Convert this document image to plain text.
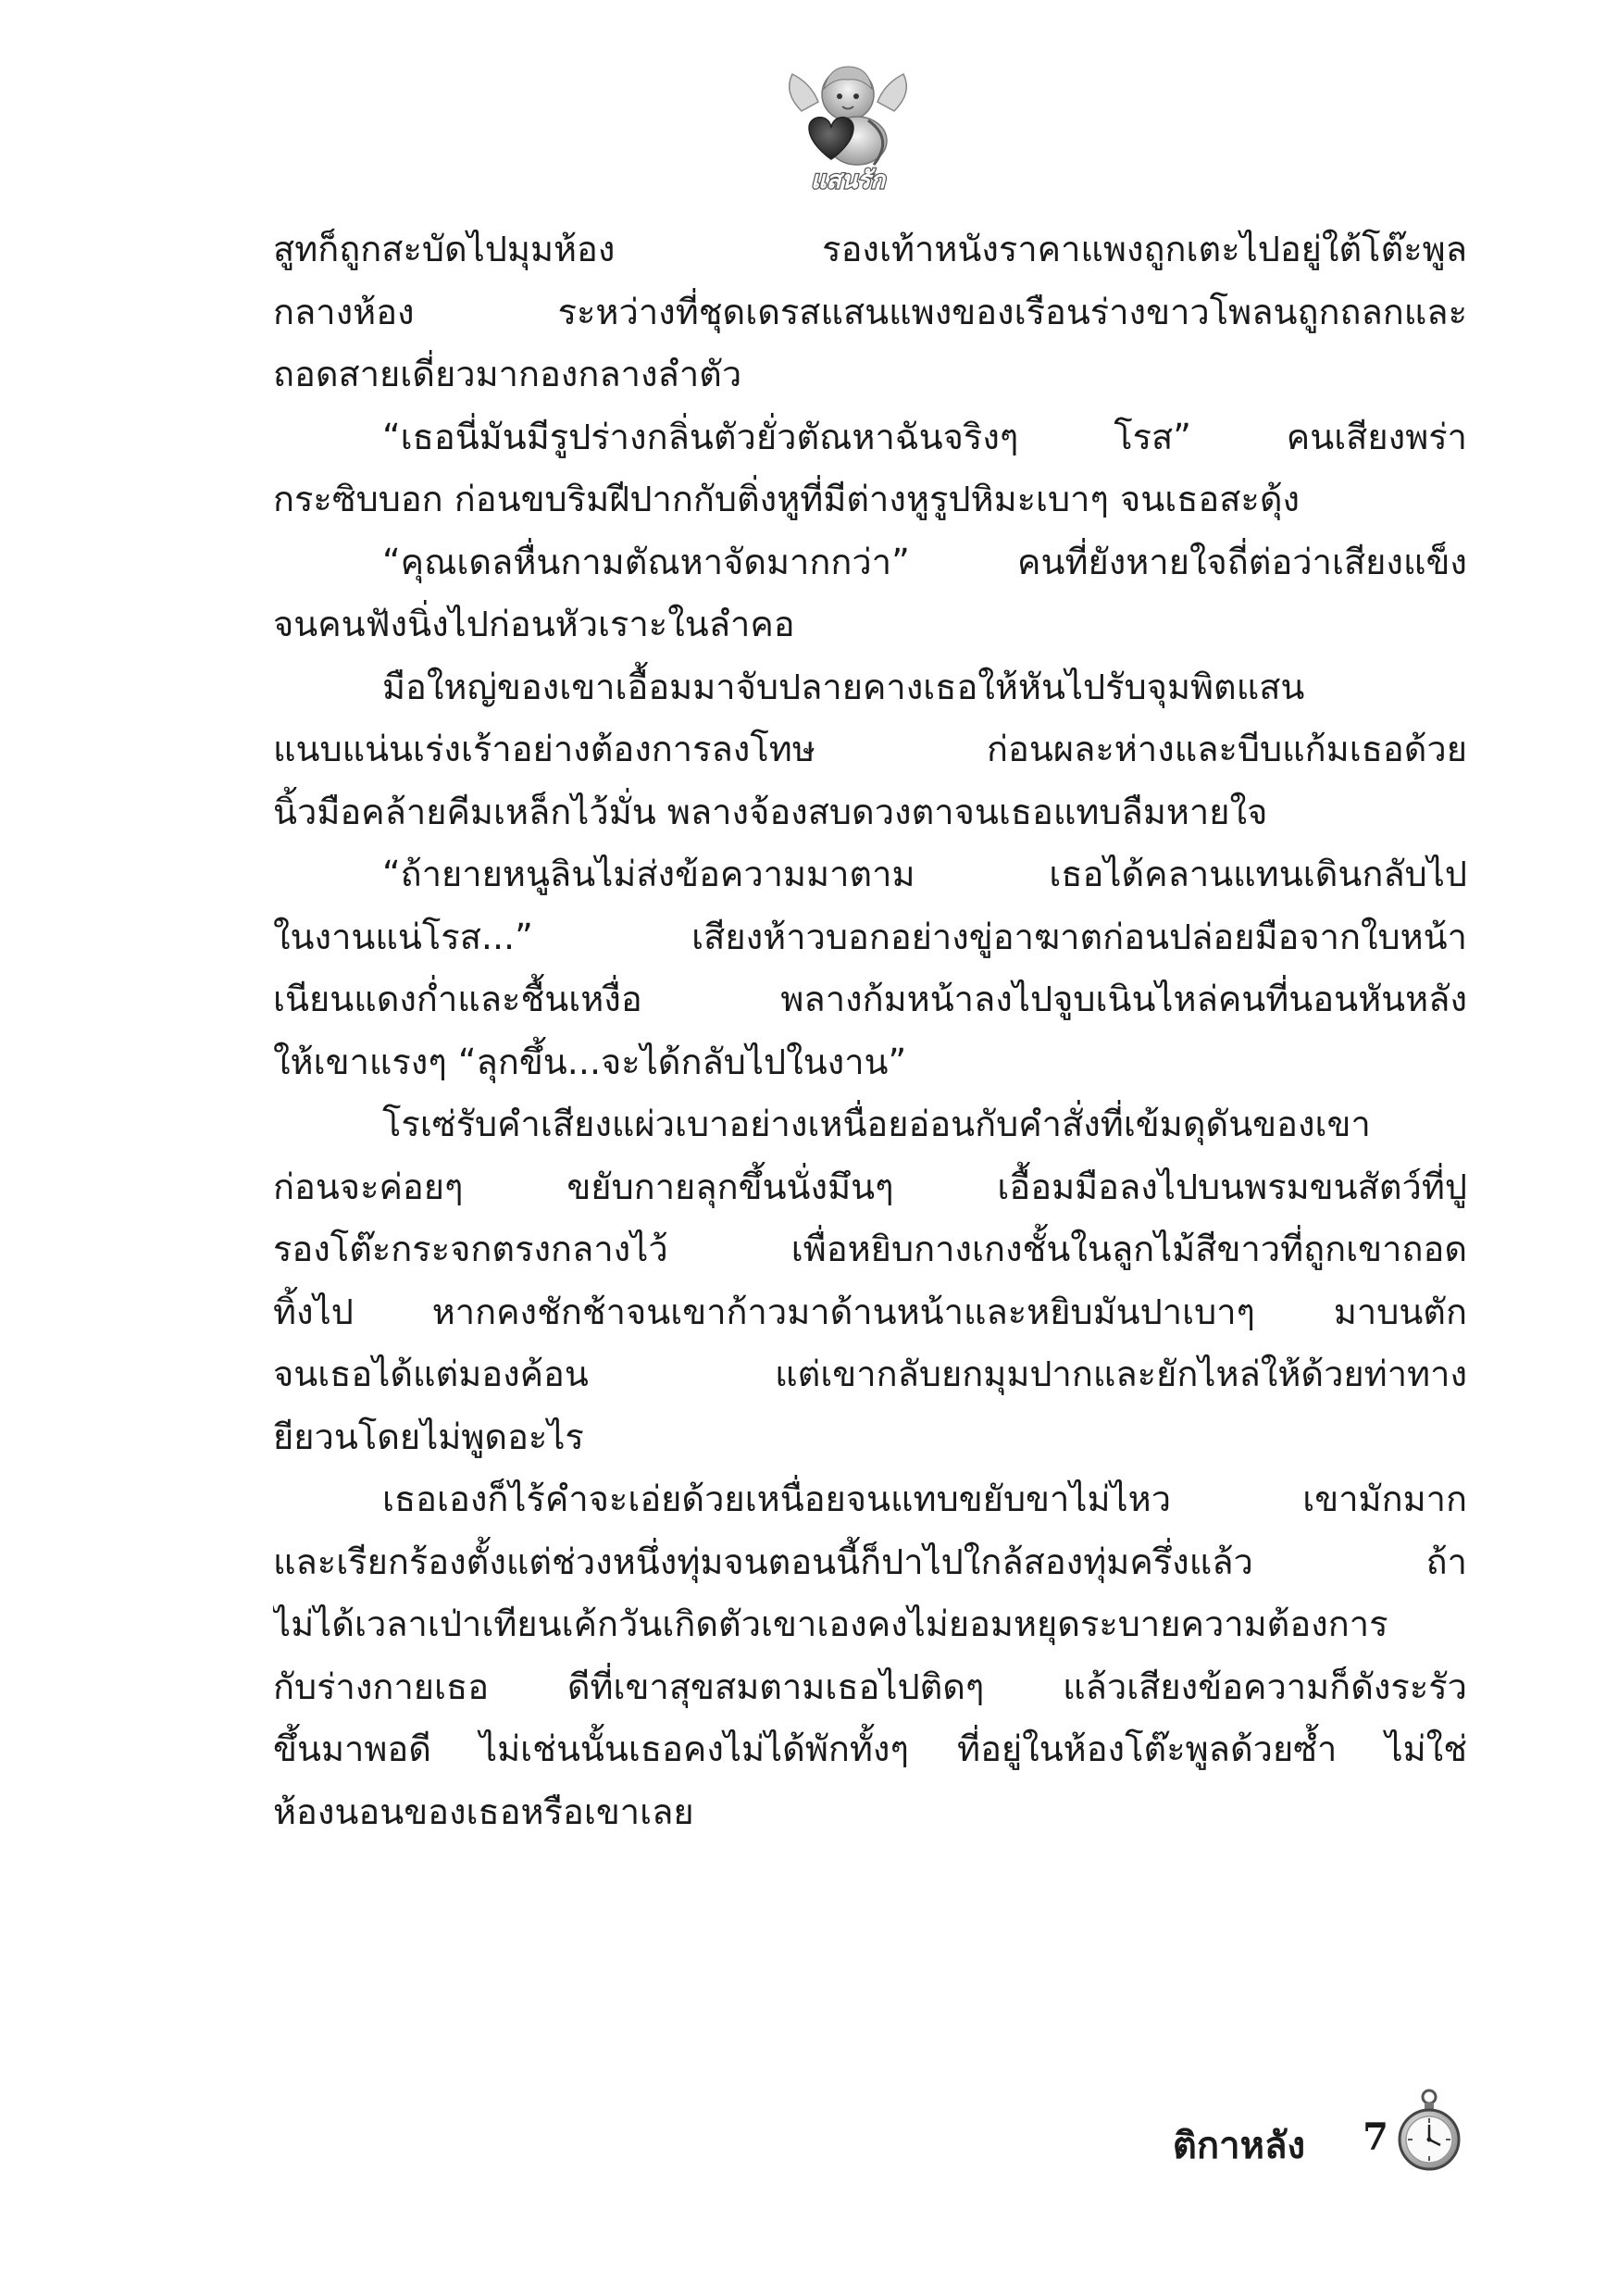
แสนรัก
สูทก็ถูกสะบัดไปมุมห้อง รองเท้าหนังราคาแพงถูกเตะไปอยู่ใต้โต๊ะพูล
กลางห้อง ระหว่างที่ชุดเดรสแสนแพงของเรือนร่างขาวโพลนถูกถลกและ
ถอดสายเดี่ยวมากองกลางลำตัว
“เธอนี่มันมีรูปร่างกลิ่นตัวยั่วตัณหาฉันจริงๆ โรส” คนเสียงพร่า
กระซิบบอก ก่อนขบริมฝีปากกับติ่งหูที่มีต่างหูรูปหิมะเบาๆ จนเธอสะดุ้ง
“คุณเดลหื่นกามตัณหาจัดมากกว่า” คนที่ยังหายใจถี่ต่อว่าเสียงแข็ง
จนคนฟังนิ่งไปก่อนหัวเราะในลำคอ
มือใหญ่ของเขาเอื้อมมาจับปลายคางเธอให้หันไปรับจุมพิตแสน
แนบแน่นเร่งเร้าอย่างต้องการลงโทษ ก่อนผละห่างและบีบแก้มเธอด้วย
นิ้วมือคล้ายคีมเหล็กไว้มั่น พลางจ้องสบดวงตาจนเธอแทบลืมหายใจ
“ถ้ายายหนูลินไม่ส่งข้อความมาตาม เธอได้คลานแทนเดินกลับไป
ในงานแน่โรส...” เสียงห้าวบอกอย่างขู่อาฆาตก่อนปล่อยมือจากใบหน้า
เนียนแดงก่ำและชื้นเหงื่อ พลางก้มหน้าลงไปจูบเนินไหล่คนที่นอนหันหลัง
ให้เขาแรงๆ “ลุกขึ้น...จะได้กลับไปในงาน”
โรเซ่รับคำเสียงแผ่วเบาอย่างเหนื่อยอ่อนกับคำสั่งที่เข้มดุดันของเขา
ก่อนจะค่อยๆ ขยับกายลุกขึ้นนั่งมึนๆ เอื้อมมือลงไปบนพรมขนสัตว์ที่ปู
รองโต๊ะกระจกตรงกลางไว้ เพื่อหยิบกางเกงชั้นในลูกไม้สีขาวที่ถูกเขาถอด
ทิ้งไป หากคงชักช้าจนเขาก้าวมาด้านหน้าและหยิบมันปาเบาๆ มาบนตัก
จนเธอได้แต่มองค้อน แต่เขากลับยกมุมปากและยักไหล่ให้ด้วยท่าทาง
ยียวนโดยไม่พูดอะไร
เธอเองก็ไร้คำจะเอ่ยด้วยเหนื่อยจนแทบขยับขาไม่ไหว เขามักมาก
และเรียกร้องตั้งแต่ช่วงหนึ่งทุ่มจนตอนนี้ก็ปาไปใกล้สองทุ่มครึ่งแล้ว ถ้า
ไม่ได้เวลาเป่าเทียนเค้กวันเกิดตัวเขาเองคงไม่ยอมหยุดระบายความต้องการ
กับร่างกายเธอ ดีที่เขาสุขสมตามเธอไปติดๆ แล้วเสียงข้อความก็ดังระรัว
ขึ้นมาพอดี ไม่เช่นนั้นเธอคงไม่ได้พักทั้งๆ ที่อยู่ในห้องโต๊ะพูลด้วยซ้ำ ไม่ใช่
ห้องนอนของเธอหรือเขาเลย
ติกาหลัง 7
